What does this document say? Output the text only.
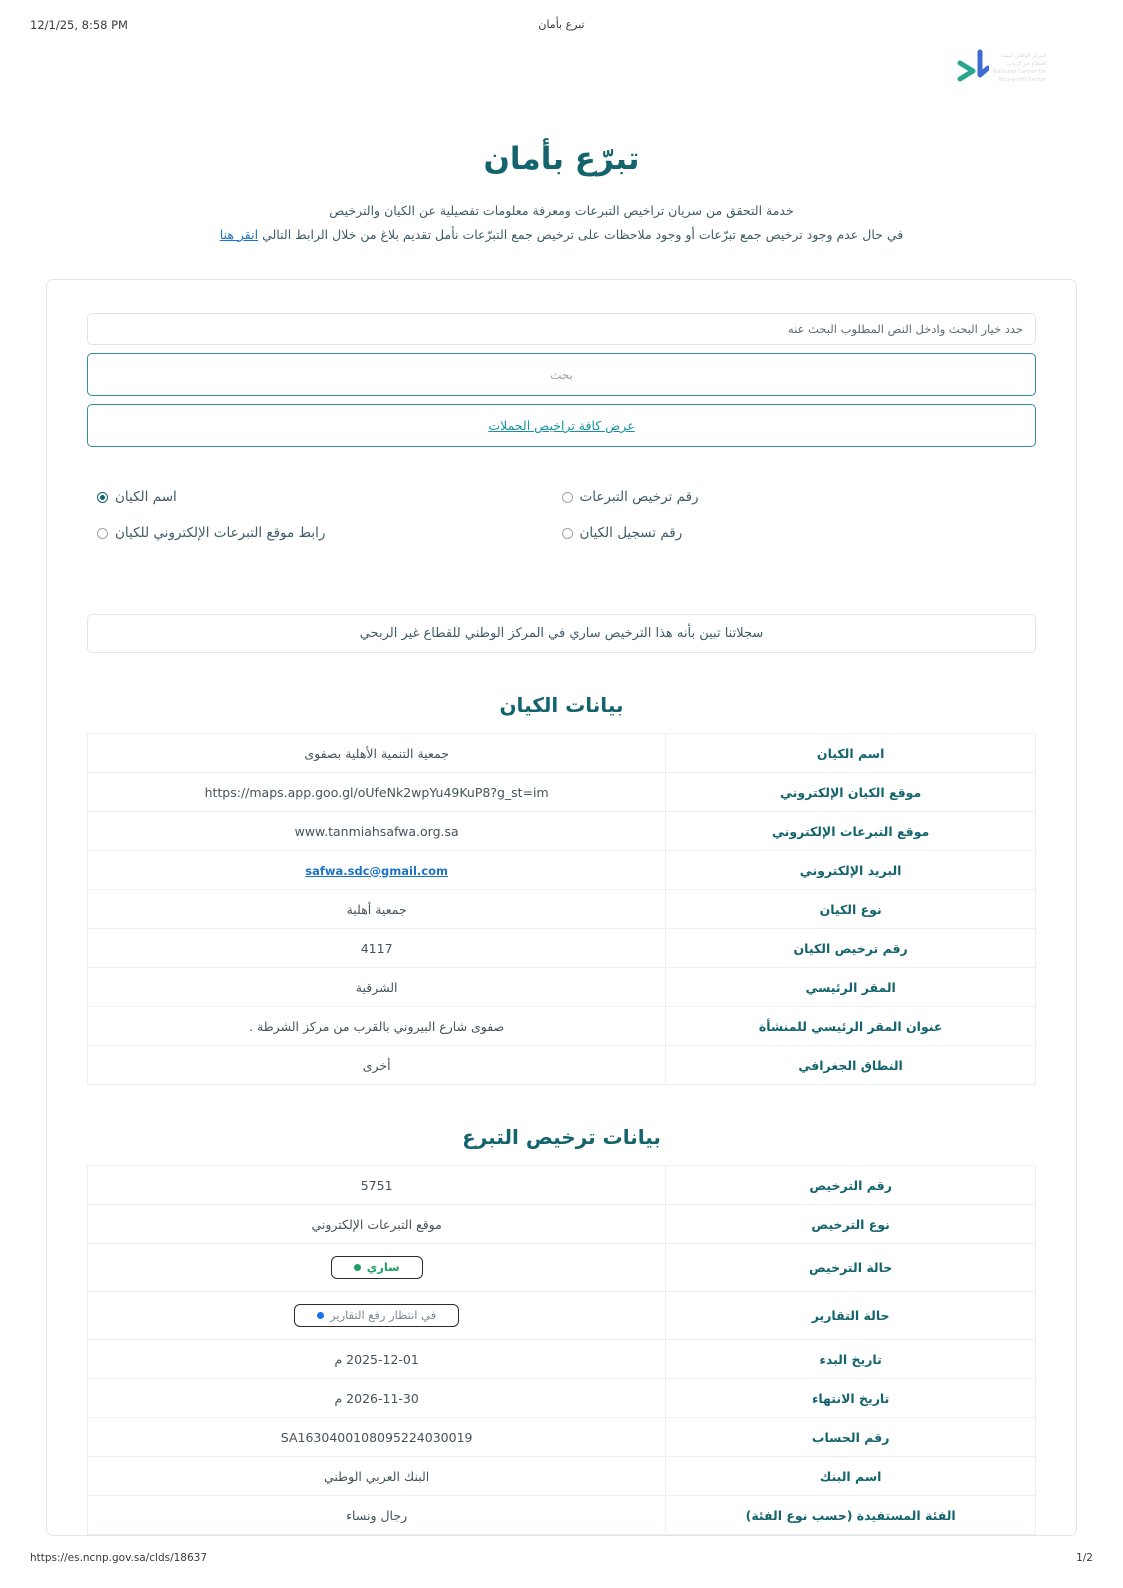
12/1/25, 8:58 PM	تبرع بأمان
المركز الوطني لتنمية
القطاع غير الربحي
National Center for
Non-profit Sector
تبرّع بأمان

خدمة التحقق من سريان تراخيص التبرعات ومعرفة معلومات تفصيلية عن الكيان والترخيص

في حال عدم وجود ترخيص جمع تبرّعات أو وجود ملاحظات على ترخيص جمع التبرّعات نأمل تقديم بلاغ من خلال الرابط التالي انقر هنا

حدد خيار البحث وادخل النص المطلوب البحث عنه
بحث
عرض كافة تراخيص الحملات
رقم ترخيص التبرعات
اسم الكيان
رقم تسجيل الكيان
رابط موقع التبرعات الإلكتروني للكيان
سجلاتنا تبين بأنه هذا الترخيص ساري في المركز الوطني للقطاع غير الربحي
بيانات الكيان
اسم الكيان	جمعية التنمية الأهلية بصفوى
موقع الكيان الإلكتروني	https://maps.app.goo.gl/oUfeNk2wpYu49KuP8?g_st=im
موقع التبرعات الإلكتروني	www.tanmiahsafwa.org.sa
البريد الإلكتروني	safwa.sdc@gmail.com
نوع الكيان	جمعية أهلية
رقم ترخيص الكيان	4117
المقر الرئيسي	الشرقية
عنوان المقر الرئيسي للمنشأة	صفوى شارع البيروني بالقرب من مركز الشرطة .
النطاق الجغرافي	أخرى
بيانات ترخيص التبرع
رقم الترخيص	5751
نوع الترخيص	موقع التبرعات الإلكتروني
حالة الترخيص	ساري

حالة التقارير	في انتظار رفع التقارير

تاريخ البدء	2025-12-01 م
تاريخ الانتهاء	2026-11-30 م
رقم الحساب	SA1630400108095224030019
اسم البنك	البنك العربي الوطني
الفئة المستفيدة (حسب نوع الفئة)	رجال ونساء
https://es.ncnp.gov.sa/clds/18637	1/2
